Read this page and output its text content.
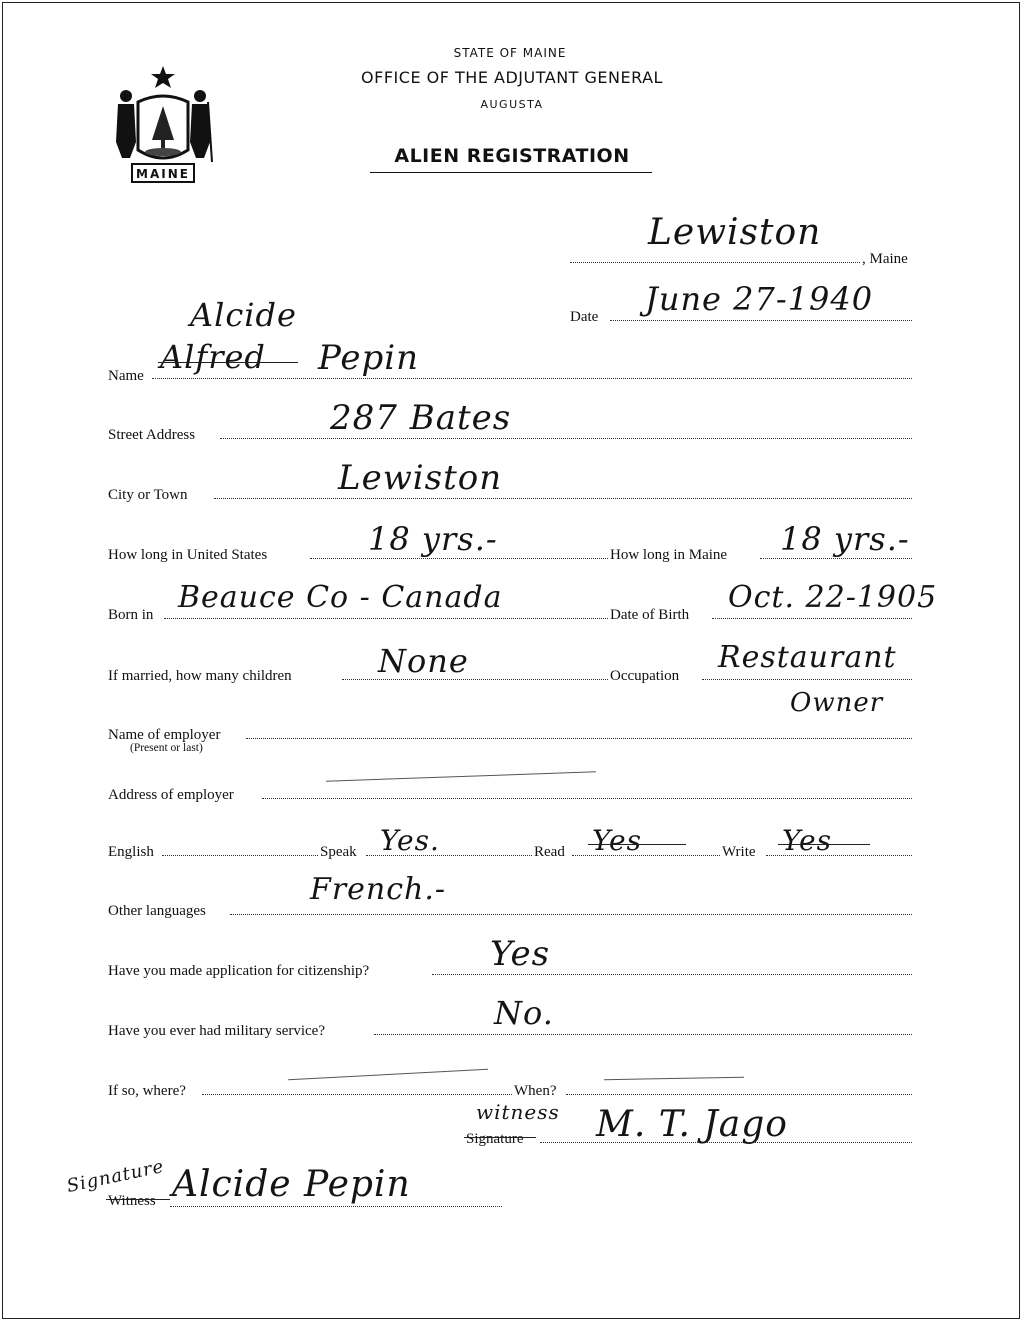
MAINE
STATE OF MAINE
OFFICE OF THE ADJUTANT GENERAL
AUGUSTA
ALIEN REGISTRATION
Lewiston
, Maine
Date June 27-1940
Alcide
Name Alfred Pepin
Street Address	287 Bates
City or Town	Lewiston
How long in United States	18 yrs.-	How long in Maine 18 yrs.-
Born in Beauce Co - Canada	Date of Birth Oct. 22-1905
If married, how many children	None	Occupation
Restaurant
Owner
Name of employer
(Present or last)
Address of employer
English	Speak Yes.	Read Yes	Write Yes
Other languages
French.-
Have you made application for citizenship?	Yes
Have you ever had military service?	No.
If so, where?	When?
witness
Signature M. T. Jago
Signature
Witness Alcide Pepin
